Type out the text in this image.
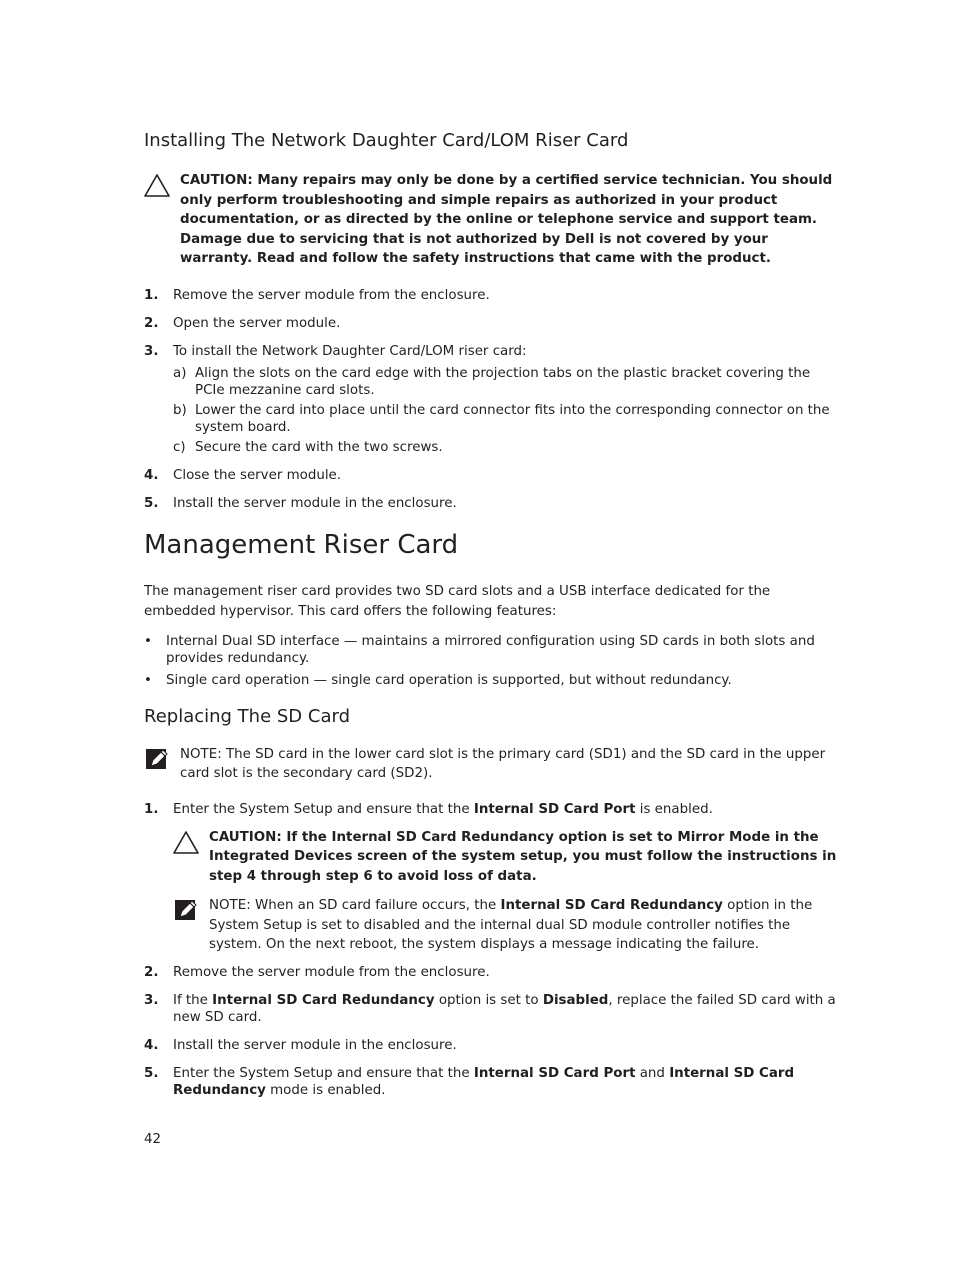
Installing The Network Daughter Card/LOM Riser Card
CAUTION: Many repairs may only be done by a certified service technician. You should only perform troubleshooting and simple repairs as authorized in your product documentation, or as directed by the online or telephone service and support team. Damage due to servicing that is not authorized by Dell is not covered by your warranty. Read and follow the safety instructions that came with the product.
1. Remove the server module from the enclosure.
2. Open the server module.
3. To install the Network Daughter Card/LOM riser card:
a) Align the slots on the card edge with the projection tabs on the plastic bracket covering the PCIe mezzanine card slots.
b) Lower the card into place until the card connector fits into the corresponding connector on the system board.
c) Secure the card with the two screws.
4. Close the server module.
5. Install the server module in the enclosure.
Management Riser Card

The management riser card provides two SD card slots and a USB interface dedicated for the embedded hypervisor. This card offers the following features:

• Internal Dual SD interface — maintains a mirrored configuration using SD cards in both slots and provides redundancy.
• Single card operation — single card operation is supported, but without redundancy.
Replacing The SD Card
NOTE: The SD card in the lower card slot is the primary card (SD1) and the SD card in the upper card slot is the secondary card (SD2).
1. Enter the System Setup and ensure that the Internal SD Card Port is enabled.
CAUTION: If the Internal SD Card Redundancy option is set to Mirror Mode in the Integrated Devices screen of the system setup, you must follow the instructions in step 4 through step 6 to avoid loss of data.
NOTE: When an SD card failure occurs, the Internal SD Card Redundancy option in the System Setup is set to disabled and the internal dual SD module controller notifies the system. On the next reboot, the system displays a message indicating the failure.
2. Remove the server module from the enclosure.
3. If the Internal SD Card Redundancy option is set to Disabled, replace the failed SD card with a new SD card.
4. Install the server module in the enclosure.
5. Enter the System Setup and ensure that the Internal SD Card Port and Internal SD Card Redundancy mode is enabled.
42
